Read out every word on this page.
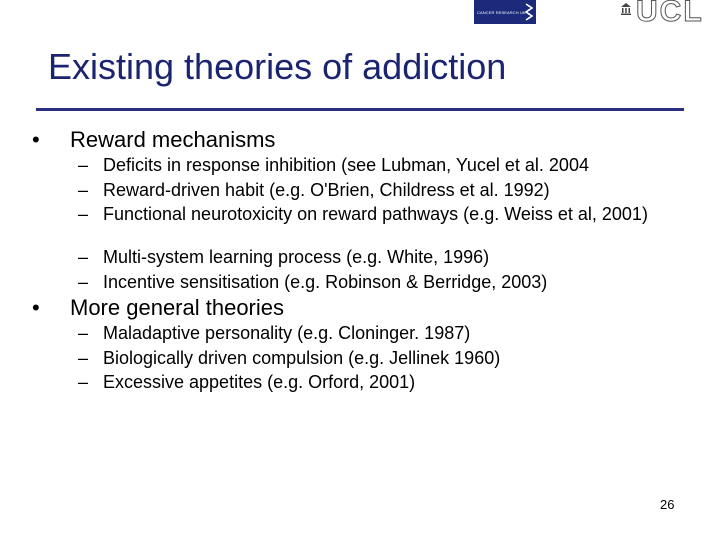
CANCER RESEARCH UK	UCL
Existing theories of addiction
• Reward mechanisms
– Deficits in response inhibition (see Lubman, Yucel et al. 2004
– Reward-driven habit (e.g. O'Brien, Childress et al. 1992)
– Functional neurotoxicity on reward pathways (e.g. Weiss et al, 2001)
– Multi-system learning process (e.g. White, 1996)
– Incentive sensitisation (e.g. Robinson & Berridge, 2003)
• More general theories
– Maladaptive personality (e.g. Cloninger. 1987)
– Biologically driven compulsion (e.g. Jellinek 1960)
– Excessive appetites (e.g. Orford, 2001)
26
